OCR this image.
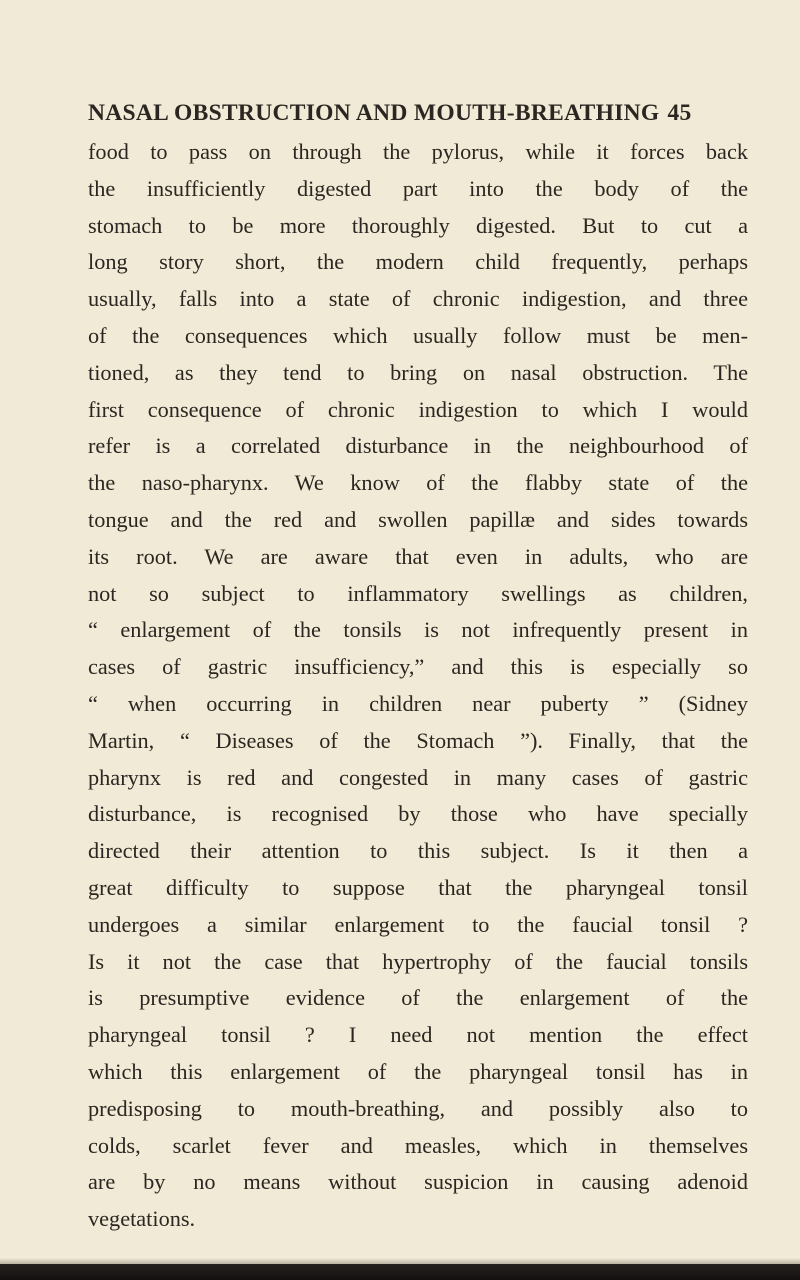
NASAL OBSTRUCTION AND MOUTH-BREATHING 45
food to pass on through the pylorus, while it forces back
the insufficiently digested part into the body of the
stomach to be more thoroughly digested. But to cut a
long story short, the modern child frequently, perhaps
usually, falls into a state of chronic indigestion, and three
of the consequences which usually follow must be men-
tioned, as they tend to bring on nasal obstruction. The
first consequence of chronic indigestion to which I would
refer is a correlated disturbance in the neighbourhood of
the naso-pharynx. We know of the flabby state of the
tongue and the red and swollen papillæ and sides towards
its root. We are aware that even in adults, who are
not so subject to inflammatory swellings as children,
“ enlargement of the tonsils is not infrequently present in
cases of gastric insufficiency,” and this is especially so
“ when occurring in children near puberty ” (Sidney
Martin, “ Diseases of the Stomach ”). Finally, that the
pharynx is red and congested in many cases of gastric
disturbance, is recognised by those who have specially
directed their attention to this subject. Is it then a
great difficulty to suppose that the pharyngeal tonsil
undergoes a similar enlargement to the faucial tonsil ?
Is it not the case that hypertrophy of the faucial tonsils
is presumptive evidence of the enlargement of the
pharyngeal tonsil ? I need not mention the effect
which this enlargement of the pharyngeal tonsil has in
predisposing to mouth-breathing, and possibly also to
colds, scarlet fever and measles, which in themselves
are by no means without suspicion in causing adenoid
vegetations.
